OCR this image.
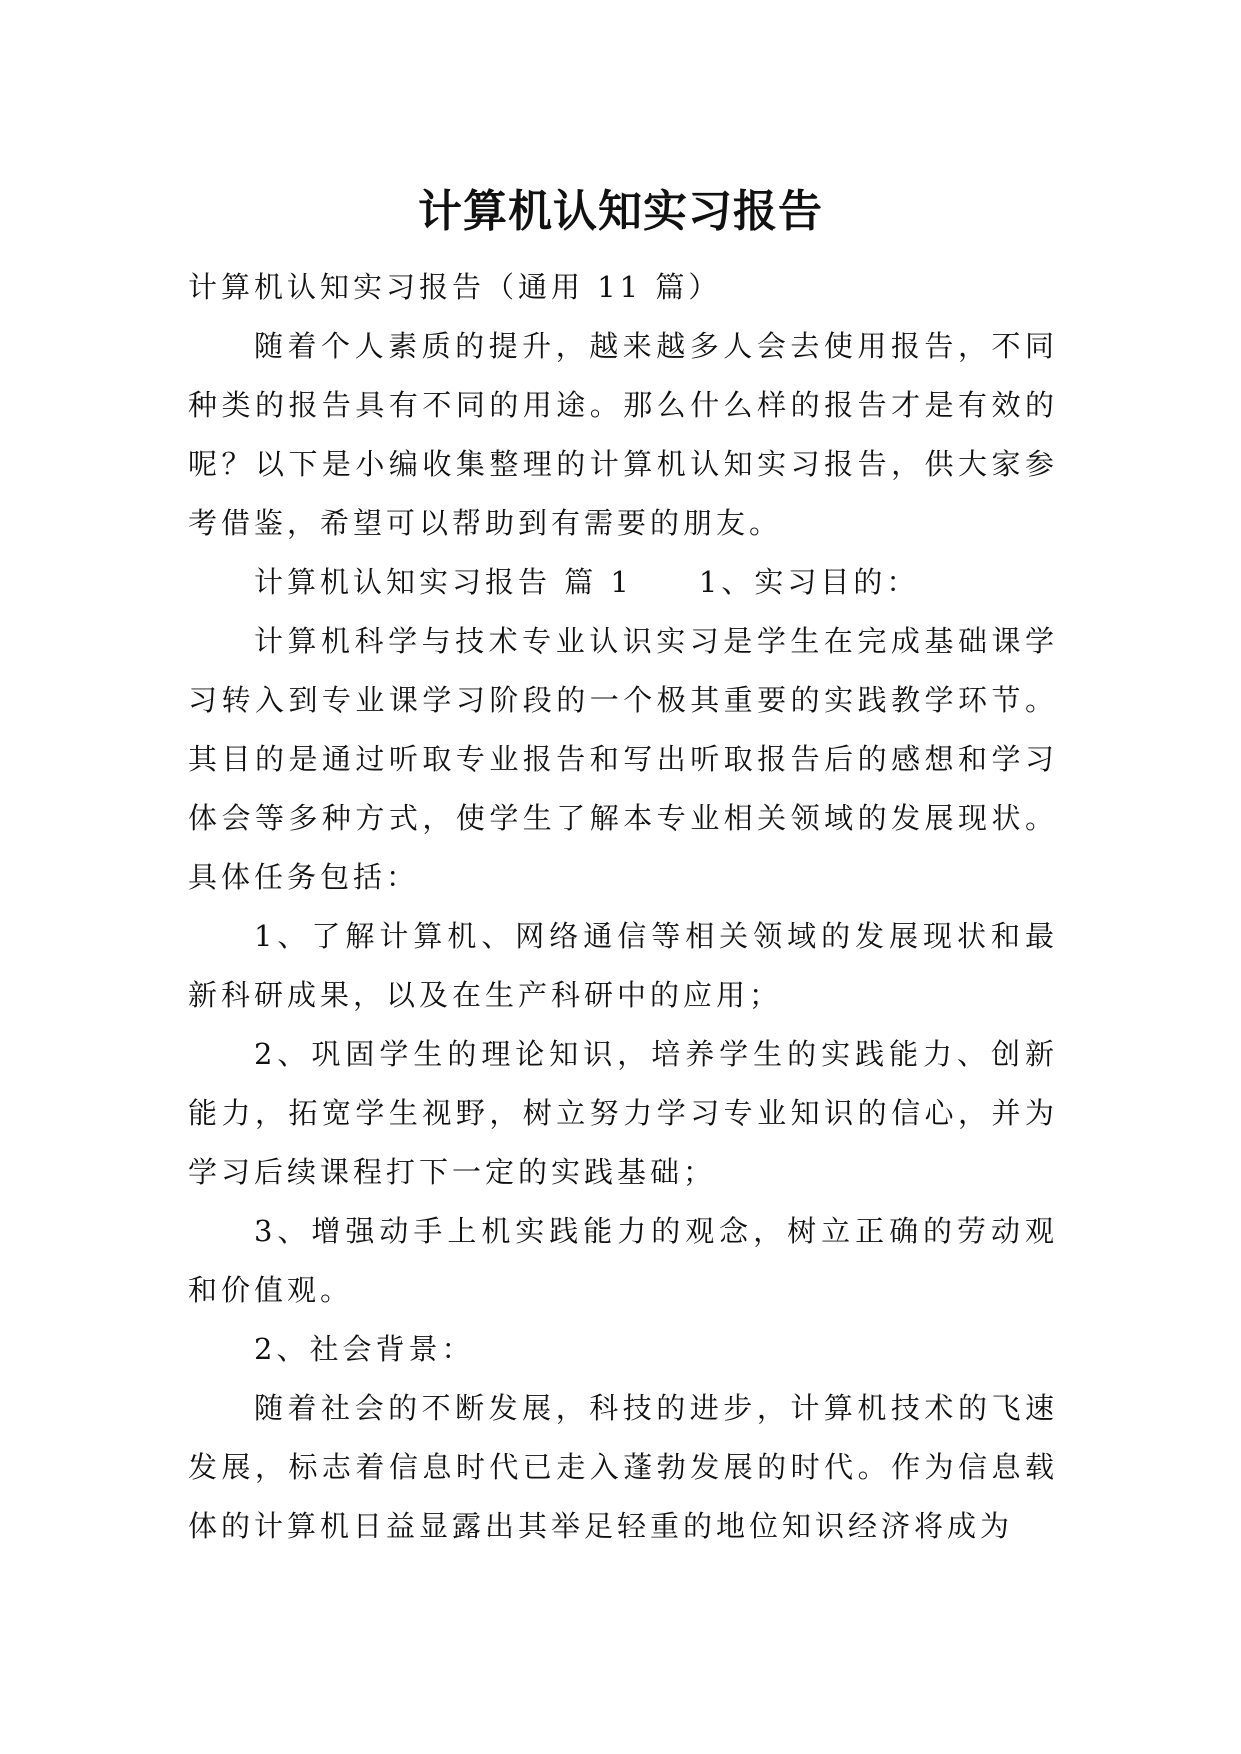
计算机认知实习报告

计算机认知实习报告（通用 11 篇）

随着个人素质的提升，越来越多人会去使用报告，不同种类的报告具有不同的用途。那么什么样的报告才是有效的呢？以下是小编收集整理的计算机认知实习报告，供大家参考借鉴，希望可以帮助到有需要的朋友。

计算机认知实习报告 篇 1　　1、实习目的：

计算机科学与技术专业认识实习是学生在完成基础课学习转入到专业课学习阶段的一个极其重要的实践教学环节。其目的是通过听取专业报告和写出听取报告后的感想和学习体会等多种方式，使学生了解本专业相关领域的发展现状。具体任务包括：

1、了解计算机、网络通信等相关领域的发展现状和最新科研成果，以及在生产科研中的应用；

2、巩固学生的理论知识，培养学生的实践能力、创新能力，拓宽学生视野，树立努力学习专业知识的信心，并为学习后续课程打下一定的实践基础；

3、增强动手上机实践能力的观念，树立正确的劳动观和价值观。

2、社会背景：

随着社会的不断发展，科技的进步，计算机技术的飞速发展，标志着信息时代已走入蓬勃发展的时代。作为信息载体的计算机日益显露出其举足轻重的地位知识经济将成为
